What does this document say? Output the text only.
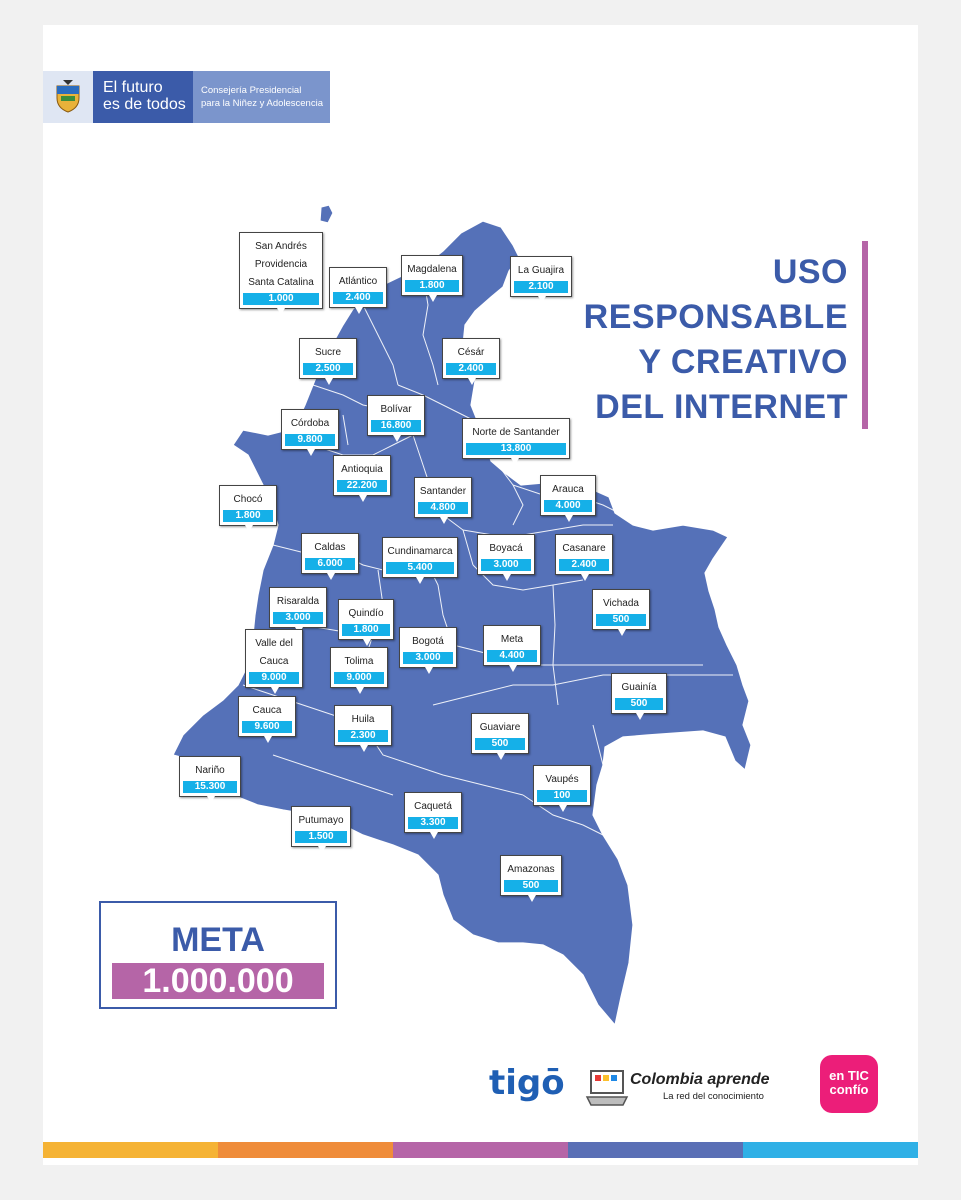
El futuro
es de todos
Consejería Presidencial
para la Niñez y Adolescencia
USO
RESPONSABLE
Y CREATIVO
DEL INTERNET
San Andrés
Providencia
Santa Catalina
1.000
Atlántico
2.400
Magdalena
1.800
La Guajira
2.100
Sucre
2.500
Césár
2.400
Bolívar
16.800
Córdoba
9.800
Norte de Santander
13.800
Antioquia
22.200
Santander
4.800
Arauca
4.000
Chocó
1.800
Caldas
6.000
Cundinamarca
5.400
Boyacá
3.000
Casanare
2.400
Risaralda
3.000	Quindío
1.800
Vichada
500
Valle del
Cauca
9.000
Bogotá
3.000
Meta
4.400
Tolima
9.000
Guainía
500
Cauca
9.600
Huila
2.300
Guaviare
500
Nariño
15.300
Vaupés
100
Caquetá
3.300
Putumayo
1.500
Amazonas
500
META
1.000.000
tigō	Colombia aprende
La red del conocimiento
en TIC
confío
